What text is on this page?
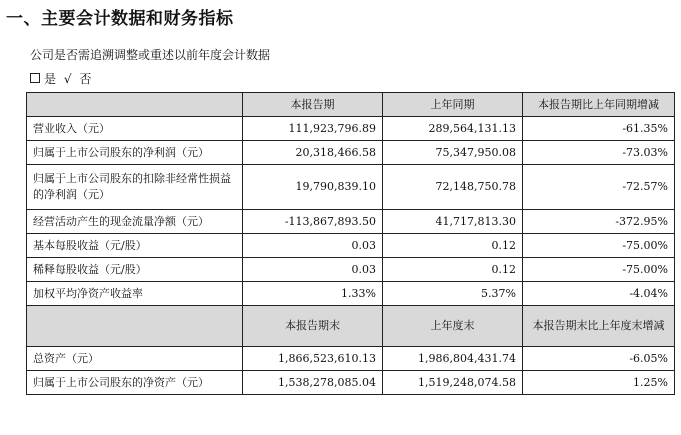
一、主要会计数据和财务指标
公司是否需追溯调整或重述以前年度会计数据
是 √ 否
	本报告期	上年同期	本报告期比上年同期增减
营业收入（元）	111,923,796.89	289,564,131.13	-61.35%
归属于上市公司股东的净利润（元）	20,318,466.58	75,347,950.08	-73.03%
归属于上市公司股东的扣除非经常性损益的净利润（元）	19,790,839.10	72,148,750.78	-72.57%
经营活动产生的现金流量净额（元）	-113,867,893.50	41,717,813.30	-372.95%
基本每股收益（元/股）	0.03	0.12	-75.00%
稀释每股收益（元/股）	0.03	0.12	-75.00%
加权平均净资产收益率	1.33%	5.37%	-4.04%
	本报告期末	上年度末	本报告期末比上年度末增减
总资产（元）	1,866,523,610.13	1,986,804,431.74	-6.05%
归属于上市公司股东的净资产（元）	1,538,278,085.04	1,519,248,074.58	1.25%
